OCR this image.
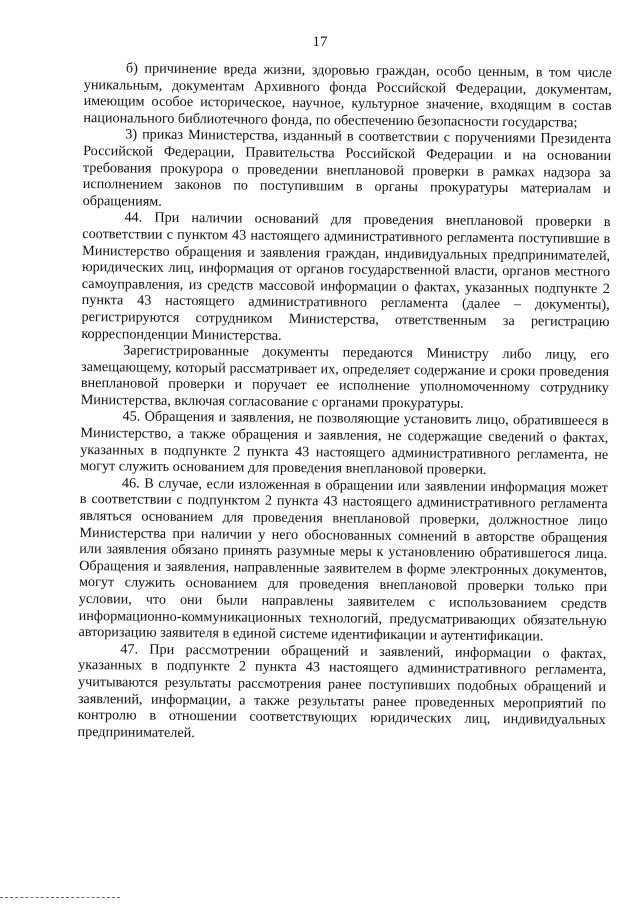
17

б) причинение вреда жизни, здоровью граждан, особо ценным, в том числе уникальным, документам Архивного фонда Российской Федерации, документам, имеющим особое историческое, научное, культурное значение, входящим в состав национального библиотечного фонда, по обеспечению безопасности государства;

3) приказ Министерства, изданный в соответствии с поручениями Президента Российской Федерации, Правительства Российской Федерации и на основании требования прокурора о проведении внеплановой проверки в рамках надзора за исполнением законов по поступившим в органы прокуратуры материалам и обращениям.

44. При наличии оснований для проведения внеплановой проверки в соответствии с пунктом 43 настоящего административного регламента поступившие в Министерство обращения и заявления граждан, индивидуальных предпринимателей, юридических лиц, информация от органов государственной власти, органов местного самоуправления, из средств массовой информации о фактах, указанных подпункте 2 пункта 43 настоящего административного регламента (далее – документы), регистрируются сотрудником Министерства, ответственным за регистрацию корреспонденции Министерства.

Зарегистрированные документы передаются Министру либо лицу, его замещающему, который рассматривает их, определяет содержание и сроки проведения внеплановой проверки и поручает ее исполнение уполномоченному сотруднику Министерства, включая согласование с органами прокуратуры.

45. Обращения и заявления, не позволяющие установить лицо, обратившееся в Министерство, а также обращения и заявления, не содержащие сведений о фактах, указанных в подпункте 2 пункта 43 настоящего административного регламента, не могут служить основанием для проведения внеплановой проверки.

46. В случае, если изложенная в обращении или заявлении информация может в соответствии с подпунктом 2 пункта 43 настоящего административного регламента являться основанием для проведения внеплановой проверки, должностное лицо Министерства при наличии у него обоснованных сомнений в авторстве обращения или заявления обязано принять разумные меры к установлению обратившегося лица. Обращения и заявления, направленные заявителем в форме электронных документов, могут служить основанием для проведения внеплановой проверки только при условии, что они были направлены заявителем с использованием средств информационно-коммуникационных технологий, предусматривающих обязательную авторизацию заявителя в единой системе идентификации и аутентификации.

47. При рассмотрении обращений и заявлений, информации о фактах, указанных в подпункте 2 пункта 43 настоящего административного регламента, учитываются результаты рассмотрения ранее поступивших подобных обращений и заявлений, информации, а также результаты ранее проведенных мероприятий по контролю в отношении соответствующих юридических лиц, индивидуальных предпринимателей.
